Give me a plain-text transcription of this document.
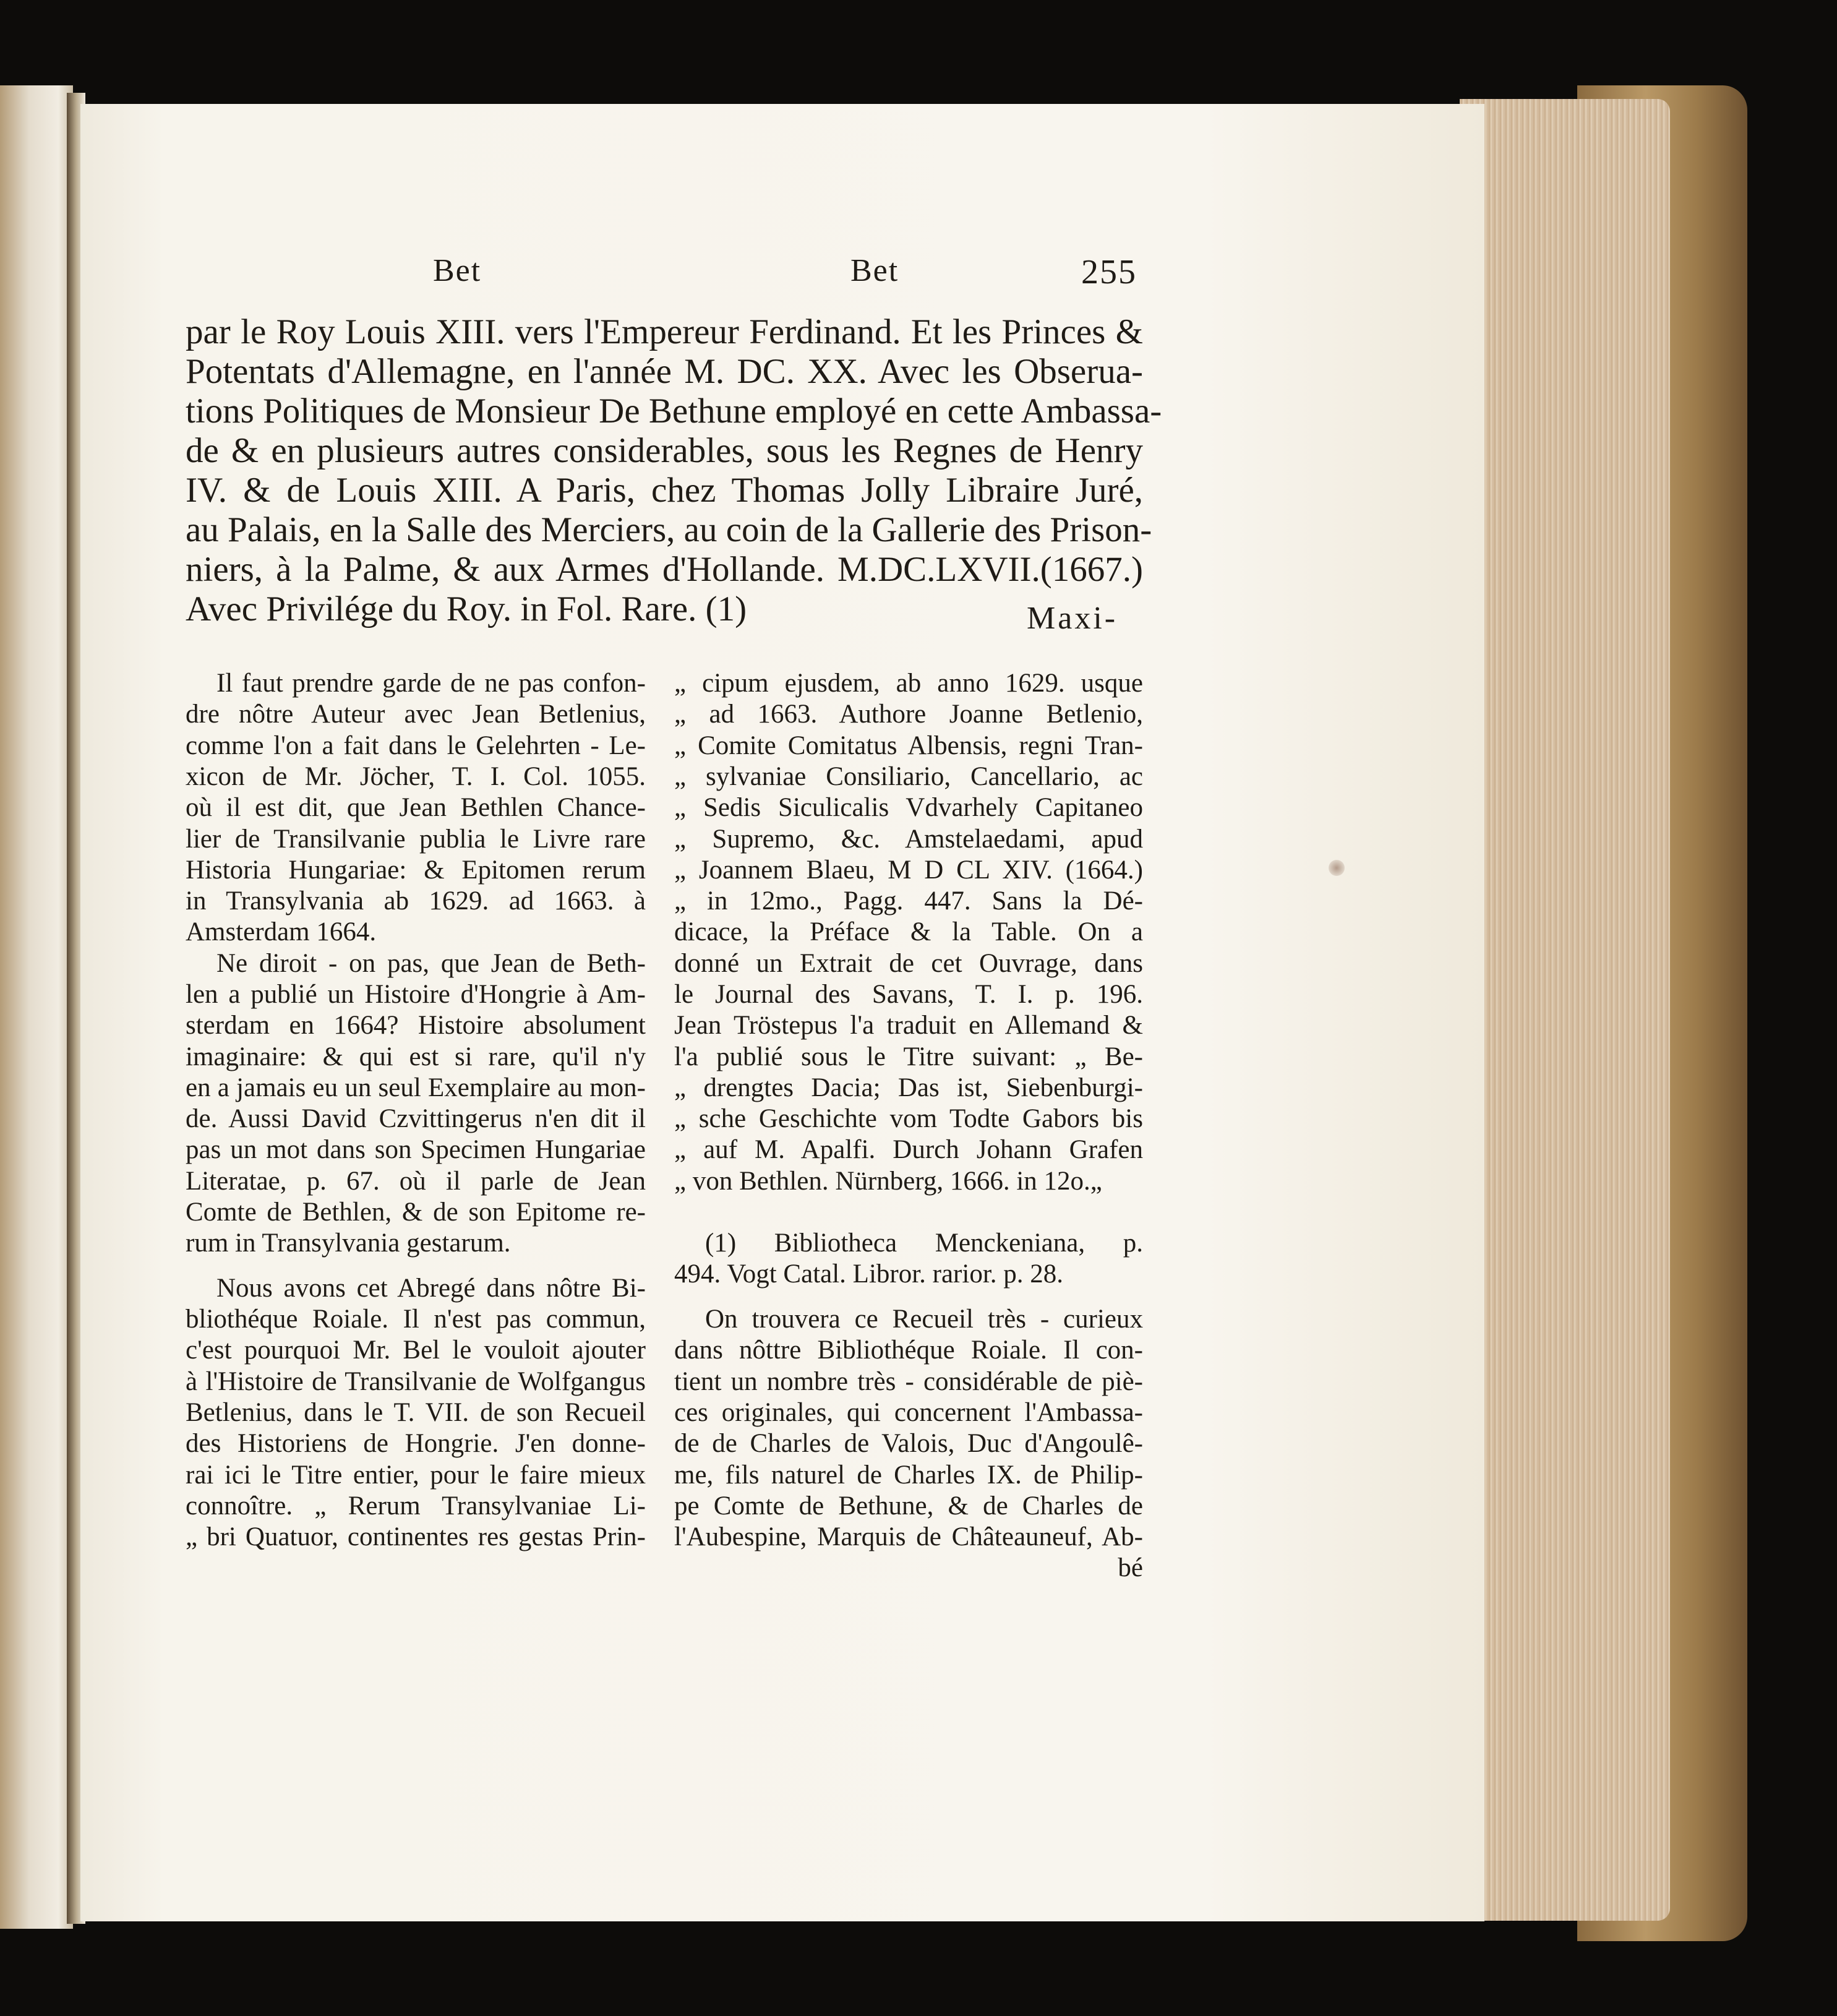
Bet	Bet	255
par le Roy Louis XIII. vers l'Empereur Ferdinand. Et les Princes &
Potentats d'Allemagne, en l'année M. DC. XX. Avec les Obseruа-
tions Politiques de Monsieur De Bethune employé en cette Ambassa-
de & en plusieurs autres considerables, sous les Regnes de Henry
IV. & de Louis XIII. A Paris, chez Thomas Jolly Libraire Juré,
au Palais, en la Salle des Merciers, au coin de la Gallerie des Prison-
niers, à la Palme, & aux Armes d'Hollande. M.DC.LXVII.(1667.)
Avec Privilége du Roy. in Fol. Rare. (1)	Maxi-
Il faut prendre garde de ne pas confon-
dre nôtre Auteur avec Jean Betlenius,
comme l'on a fait dans le Gelehrten - Le-
xicon de Mr. Jöcher, T. I. Col. 1055.
où il est dit, que Jean Bethlen Chance-
lier de Transilvanie publia le Livre rare
Historia Hungariae: & Epitomen rerum
in Transylvania ab 1629. ad 1663. à
Amsterdam 1664.
Ne diroit - on pas, que Jean de Beth-
len a publié un Histoire d'Hongrie à Am-
sterdam en 1664? Histoire absolument
imaginaire: & qui est si rare, qu'il n'y
en a jamais eu un seul Exemplaire au mon-
de. Aussi David Czvittingerus n'en dit il
pas un mot dans son Specimen Hungariae
Literatae, p. 67. où il parle de Jean
Comte de Bethlen, & de son Epitome re-
rum in Transylvania gestarum.
Nous avons cet Abregé dans nôtre Bi-
bliothéque Roiale. Il n'est pas commun,
c'est pourquoi Mr. Bel le vouloit ajouter
à l'Histoire de Transilvanie de Wolfgangus
Betlenius, dans le T. VII. de son Recueil
des Historiens de Hongrie. J'en donne-
rai ici le Titre entier, pour le faire mieux
connoître. „ Rerum Transylvaniae Li-
„ bri Quatuor, continentes res gestas Prin-
„ cipum ejusdem, ab anno 1629. usque
„ ad 1663. Authore Joanne Betlenio,
„ Comite Comitatus Albensis, regni Tran-
„ sylvaniae Consiliario, Cancellario, ac
„ Sedis Siculicalis Vdvarhely Capitaneo
„ Supremo, &c. Amstelaedami, apud
„ Joannem Blaeu, M D CL XIV. (1664.)
„ in 12mo., Pagg. 447. Sans la Dé-
dicace, la Préface & la Table. On a
donné un Extrait de cet Ouvrage, dans
le Journal des Savans, T. I. p. 196.
Jean Tröstерus l'a traduit en Allemand &
l'a publié sous le Titre suivant: „ Be-
„ drengtes Dacia; Das ist, Siebenburgi-
„ sche Geschichte vom Todte Gabors bis
„ auf M. Apalfi. Durch Johann Grafen
„ von Bethlen. Nürnberg, 1666. in 12o.„
(1) Bibliotheca Menckeniana, p.
494. Vogt Catal. Libror. rarior. p. 28.
On trouvera ce Recueil très - curieux
dans nôttre Bibliothéque Roiale. Il con-
tient un nombre très - considérable de piè-
ces originales, qui concernent l'Ambassa-
de de Charles de Valois, Duc d'Angoulê-
me, fils naturel de Charles IX. de Philip-
pe Comte de Bethune, & de Charles de
l'Aubespine, Marquis de Châteauneuf, Ab-
bé
